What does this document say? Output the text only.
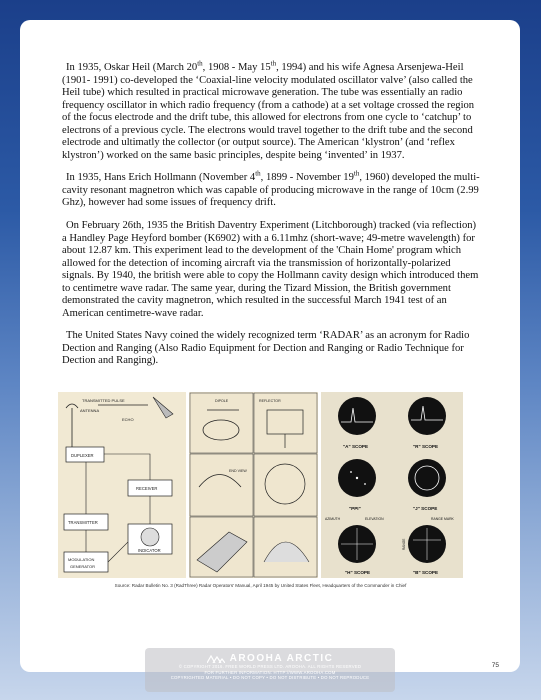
In 1935, Oskar Heil (March 20th, 1908 - May 15th, 1994) and his wife Agnesa Arsenjewa-Heil (1901- 1991) co-developed the ‘Coaxial-line velocity modulated oscillator valve’ (also called the Heil tube) which resulted in practical microwave generation. The tube was essentially an radio frequency oscillator in which radio frequency (from a cathode) at a set voltage crossed the region of the focus electrode and the drift tube, this allowed for electrons from one cycle to ‘catchup’ to electrons of a previous cycle. The electrons would travel together to the drift tube and the second electrode and ultimatly the collector (or output source). The American ‘klystron’ (and ‘reflex klystron’) worked on the same basic principles, despite being ‘invented’ in 1937.

In 1935, Hans Erich Hollmann (November 4th, 1899 - November 19th, 1960) developed the multi-cavity resonant magnetron which was capable of producing microwave in the range of 10cm (2.99 Ghz), however had some issues of frequency drift.

On February 26th, 1935 the British Daventry Experiment (Litchborough) tracked (via reflection) a Handley Page Heyford bomber (K6902) with a 6.11mhz (short-wave; 49-metre wavelength) for about 12.87 km. This experiment lead to the development of the 'Chain Home' program which allowed for the detection of incoming aircraft via the transmission of horizontally-polarized signals. By 1940, the british were able to copy the Hollmann cavity design which introduced them to centimetre wave radar. The same year, during the Tizard Mission, the British government demonstrated the cavity magnetron, which resulted in the successful March 1941 test of an American centimetre-wave radar.

The United States Navy coined the widely recognized term ‘RADAR’ as an acronym for Radio Dection and Ranging (Also Radio Equipment for Dection and Ranging or Radio Technique for Dection and Ranging).

TRANSMITTED PULSE
ANTENNA
ECHO
DUPLEXER
RECEIVER
TRANSMITTER
INDICATOR
MODULATION
GENERATOR
DIPOLE	REFLECTOR
END VIEW
"A" SCOPE	"R" SCOPE
"PPI"	"J" SCOPE
AZIMUTH	ELEVATION
"H" SCOPE
RANGE MARK
RANGE
"B" SCOPE
Source: Radar Bulletin No. 3 (RadThree) Radar Operators' Manual, April 1945 by United States Fleet, Headquarters of the Commander in Chief
75
AROOHA ARCTIC
© COPYRIGHT 2016. FREE WORLD PRESS LTD. AROOHA. ALL RIGHTS RESERVED
FOR FURTHER INFORMATION: HTTP://WWW.AROOHA.COM
COPYRIGHTED MATERIAL • DO NOT COPY • DO NOT DISTRIBUTE • DO NOT REPRODUCE
